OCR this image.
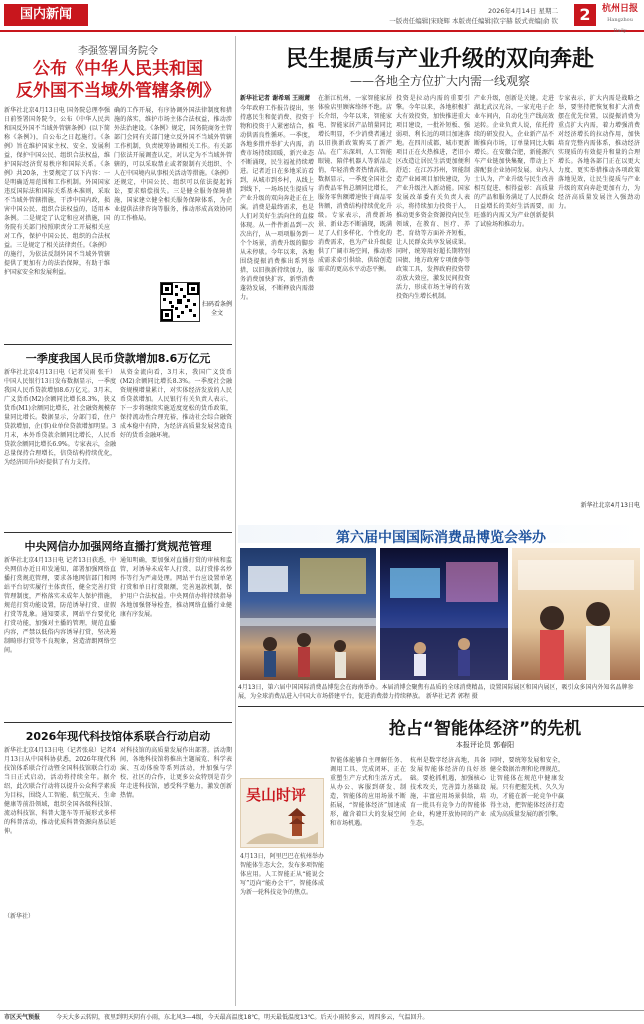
国内新闻	2026年4月14日 星期二
一版责任编辑|宋晓辉 本版责任编辑|钦宇赫 版式责编|俞 钦	2	杭州日报
Hangzhou Daily
李强签署国务院令
公布《中华人民共和国
反外国不当域外管辖条例》
新华社北京4月13日电 国务院总理李强日前签署国务院令，公布《中华人民共和国反外国不当域外管辖条例》(以下简称《条例》)，自公布之日起施行。《条例》旨在维护国家主权、安全、发展利益，保护中国公民、组织合法权益，维护国际经济贸易秩序和国际关系。《条例》共20条，主要规定了以下内容：一是明确适用范围和工作机制。外国国家违反国际法和国际关系基本准则，采取不当域外管辖措施，干涉中国内政，损害中国公民、组织合法权益的，适用本条例。二是规定了认定和应对措施，国务院有关部门按照职责分工开展相关应对工作，保护中国公民、组织的合法权益。三是规定了相关法律责任。《条例》的施行，为依法反制外国不当域外管辖提供了更加有力的法治保障，有助于维护国家安全和发展利益。
确的工作开展，有序协调外国法律制度和措施的落实，维护市场主体合法权益，推动涉外法治建设。《条例》规定，国务院商务主管部门会同有关部门建立反外国不当域外管辖工作机制，负责统筹协调相关工作。有关部门依法开展调查认定，对认定为不当域外管辖的，可以采取禁止或者限制有关组织、个人在中国境内从事相关活动等措施。《条例》还规定，中国公民、组织可以依法提起诉讼，要求赔偿损失。三是健全服务保障措施，国家建立健全相关服务保障体系，为企业提供法律咨询等服务，推动形成高效协同的工作格局。
扫码看条例全文
一季度我国人民币贷款增加8.6万亿元
新华社北京4月13日电（记者吴雨 张千）中国人民银行13日发布数据显示，一季度我国人民币贷款增加8.6万亿元。3月末，广义货币(M2)余额同比增长8.3%，狭义货币(M1)余额同比增长，社会融资规模存量同比增长。数据显示，分部门看，住户贷款增加，企(事)业单位贷款增加明显。3月末，本外币贷款余额同比增长，人民币贷款余额同比增长6.9%。专家表示，金融总量保持合理增长，信贷结构持续优化，为经济回升向好提供了有力支持。
从资金流向看，3月末，我国广义货币(M2)余额同比增长8.3%。一季度社会融资规模增量累计，对实体经济发放的人民币贷款增加。人民银行有关负责人表示，下一步将继续实施适度宽松的货币政策，保持流动性合理充裕，推动社会综合融资成本稳中有降，为经济高质量发展营造良好的货币金融环境。
中央网信办加强网络直播打赏规范管理
新华社北京4月13日电 记者13日获悉，中央网信办近日印发通知，部署加强网络直播打赏规范管理，要求各地网信部门和网站平台切实履行主体责任，健全完善打赏管理制度，严格落实未成年人保护措施，规范打赏功能设置，防范诱导打赏、虚假打赏等乱象。通知要求，网站平台要优化打赏功能，加强对主播的管理，规范直播内容，严禁以低俗内容诱导打赏，坚决遏制畸形打赏等不良现象，营造清朗网络空间。
通知明确，要加强对直播打赏的审核和监管，对诱导未成年人打赏、以打赏排名炒作等行为严肃处理。网站平台应设置单笔打赏和单日打赏限额，完善退款机制，保护用户合法权益。中央网信办将持续指导各地加强督导检查，推动网络直播行业健康有序发展。
2026年现代科技馆体系联合行动启动
新华社北京4月13日电（记者张泉）记者4月13日从中国科协获悉，2026年现代科技馆体系联合行动暨全国科技馆联合行动当日正式启动，活动将持续全年。据介绍，此次联合行动将以提升公众科学素质为目标，围绕人工智能、航空航天、生命健康等前沿领域，组织全国各级科技馆、流动科技馆、科普大篷车等开展形式多样的科普活动，推动优质科普资源向基层延伸。
对科技馆的高质量发展作出部署。活动期间，各地科技馆将推出主题展览、科学表演、互动体验等系列活动，并加强与学校、社区的合作，让更多公众特别是青少年走进科技馆，感受科学魅力，激发创新热情。
（新华社）
民生提质与产业升级的双向奔赴
——各地全方位扩大内需一线观察
新华社记者 谢希瑶 王雨萧
今年政府工作报告提出，坚持惠民生和促消费、投资于物和投资于人紧密结合，推动供需良性循环。一季度，各地多措并举扩大内需，消费市场持续回暖，新兴业态不断涌现，民生福祉持续增进。记者近日在多地采访看到，从城市到乡村，从线上到线下，一场场民生提质与产业升级的双向奔赴正在上演。消费是最终需求，也是人们对美好生活向往的直接体现。从一件件新品到一次次出行，从一项项服务到一个个场景，消费升级的脚步从未停歇。今年以来，各地围绕提振消费推出系列举措，以旧换新持续加力，服务消费加快扩容，新型消费蓬勃发展，不断释放内需潜力。
在浙江杭州，一家智能家居体验店里顾客络绎不绝。店长介绍，今年以来，智能家电、智能家居产品销量同比增长明显，不少消费者通过以旧换新政策购买了新产品。在广东深圳，人工智能眼镜、陪伴机器人等新品走俏，年轻消费者热情高涨。数据显示，一季度全国社会消费品零售总额同比增长，服务零售额增速快于商品零售额，消费结构持续优化升级。专家表示，消费新场景、新业态不断涌现，既满足了人们多样化、个性化的消费需求，也为产业升级提供了广阔市场空间，推动形成需求牵引供给、供给创造需求的更高水平动态平衡。
投资是拉动内需的重要引擎。今年以来，各地积极扩大有效投资，加快推进重大项目建设，一批补短板、强弱项、利长远的项目加速落地。在四川成都，城市更新项目正在火热推进，老旧小区改造让居民生活更加便利舒适；在江苏苏州，智能制造产业园项目加快建设，为产业升级注入新动能。国家发展改革委有关负责人表示，将持续加力投资于人，推动更多资金资源投向民生领域，在教育、医疗、养老、育幼等方面补齐短板，让人民群众共享发展成果。同时，统筹用好超长期特别国债、地方政府专项债券等政策工具，发挥政府投资带动放大效应，激发民间投资活力，形成市场主导的有效投资内生增长机制。
产业升级，创新是关键。走进湖北武汉光谷，一家光电子企业车间内，自动化生产线高效运转。企业负责人说，依托持续的研发投入，企业新产品不断推向市场，订单量同比大幅增长。在安徽合肥，新能源汽车产业链加快集聚，带动上下游配套企业协同发展。业内人士认为，产业升级与民生改善相互促进、相得益彰：高质量的产品和服务满足了人民群众日益增长的美好生活需要，而旺盛的内需又为产业创新提供了试验场和推动力。
专家表示，扩大内需是战略之举，要坚持把恢复和扩大消费摆在优先位置，以提振消费为重点扩大内需，着力增强消费对经济增长的拉动作用，加快培育完整内需体系，推动经济实现质的有效提升和量的合理增长。各地各部门正在以更大力度、更实举措推动各项政策落地见效，让民生提质与产业升级的双向奔赴更加有力，为经济高质量发展注入强劲动力。
新华社北京4月13日电
第六届中国国际消费品博览会举办
4月13日，第六届中国国际消费品博览会在海南举办。本届消博会聚焦有品质的全球消费精品，设置国际展区和国内展区，吸引众多国内外知名品牌参展，为全球消费品进入中国大市场搭建平台，促进消费潜力持续释放。 新华社记者 郭程 摄
抢占“智能体经济”的先机
本报评论员 郭春阳
吴山时评
4月13日，阿里巴巴在杭州举办智能体生态大会，发布多项智能体应用。人工智能正从“能说会写”迈向“能办会干”，智能体成为新一轮科技竞争的焦点。
智能体能够自主理解任务、调用工具、完成闭环，正在重塑生产方式和生活方式。从办公、客服到研发、制造，智能体的应用场景不断拓展，“智能体经济”加速成形，蕴含着巨大的发展空间和市场机遇。
杭州是数字经济高地，具备发展智能体经济的良好基础。要抢抓机遇，加强核心技术攻关，完善算力基础设施，丰富应用场景供给，培育一批具有竞争力的智能体企业，构建开放协同的产业生态。
同时，要统筹发展和安全，健全数据治理和伦理规范，让智能体在规范中健康发展。只有把握先机、久久为功，才能在新一轮竞争中赢得主动，把智能体经济打造成为高质量发展的新引擎。
市区天气预报	今天大多云转阴，夜里到明天阴有小雨，东北风3—4级，今天最高温度18℃，明天最低温度13℃。后天小雨转多云，周四多云，气温回升。
